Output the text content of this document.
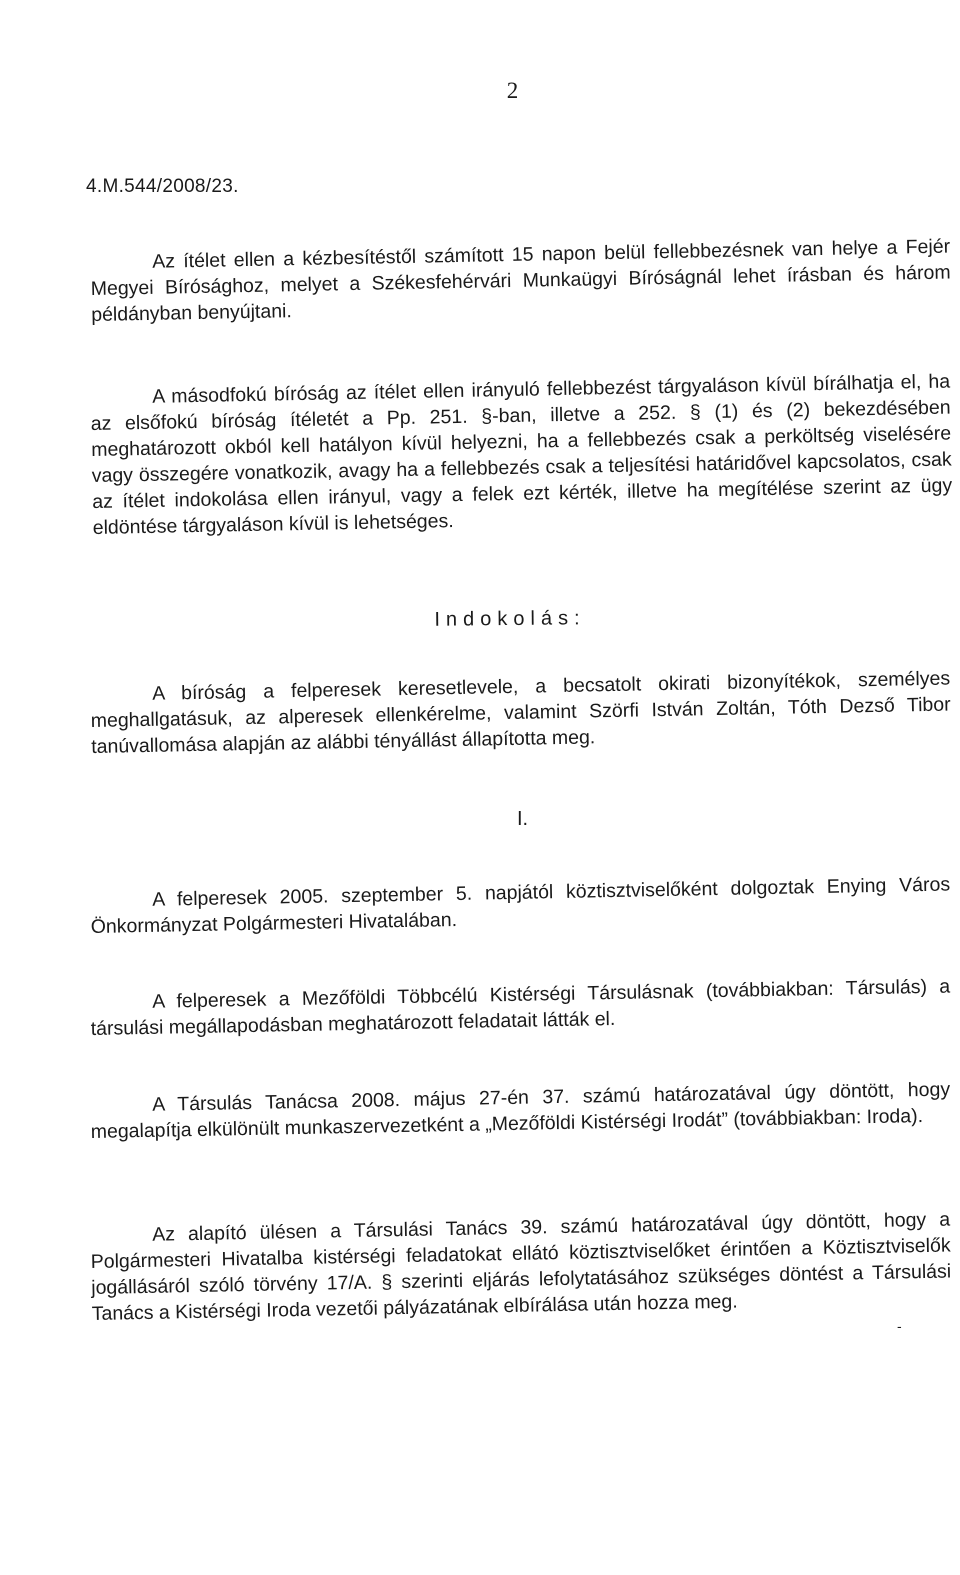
2
4.M.544/2008/23.
Az ítélet ellen a kézbesítéstől számított 15 napon belül fellebbezésnek van helye a Fejér Megyei Bírósághoz, melyet a Székesfehérvári Munkaügyi Bíróságnál lehet írásban és három példányban benyújtani.
A másodfokú bíróság az ítélet ellen irányuló fellebbezést tárgyaláson kívül bírálhatja el, ha az elsőfokú bíróság ítéletét a Pp. 251. §-ban, illetve a 252. § (1) és (2) bekezdésében meghatározott okból kell hatályon kívül helyezni, ha a fellebbezés csak a perköltség viselésére vagy összegére vonatkozik, avagy ha a fellebbezés csak a teljesítési határidővel kapcsolatos, csak az ítélet indokolása ellen irányul, vagy a felek ezt kérték, illetve ha megítélése szerint az ügy eldöntése tárgyaláson kívül is lehetséges.
Indokolás:
A bíróság a felperesek keresetlevele, a becsatolt okirati bizonyítékok, személyes meghallgatásuk, az alperesek ellenkérelme, valamint Szörfi István Zoltán, Tóth Dezső Tibor tanúvallomása alapján az alábbi tényállást állapította meg.
I.
A felperesek 2005. szeptember 5. napjától köztisztviselőként dolgoztak Enying Város Önkormányzat Polgármesteri Hivatalában.
A felperesek a Mezőföldi Többcélú Kistérségi Társulásnak (továbbiakban: Társulás) a társulási megállapodásban meghatározott feladatait látták el.
A Társulás Tanácsa 2008. május 27-én 37. számú határozatával úgy döntött, hogy megalapítja elkülönült munkaszervezetként a „Mezőföldi Kistérségi Irodát” (továbbiakban: Iroda).
Az alapító ülésen a Társulási Tanács 39. számú határozatával úgy döntött, hogy a Polgármesteri Hivatalba kistérségi feladatokat ellátó köztisztviselőket érintően a Köztisztviselők jogállásáról szóló törvény 17/A. § szerinti eljárás lefolytatásához szükséges döntést a Társulási Tanács a Kistérségi Iroda vezetői pályázatának elbírálása után hozza meg.
-
